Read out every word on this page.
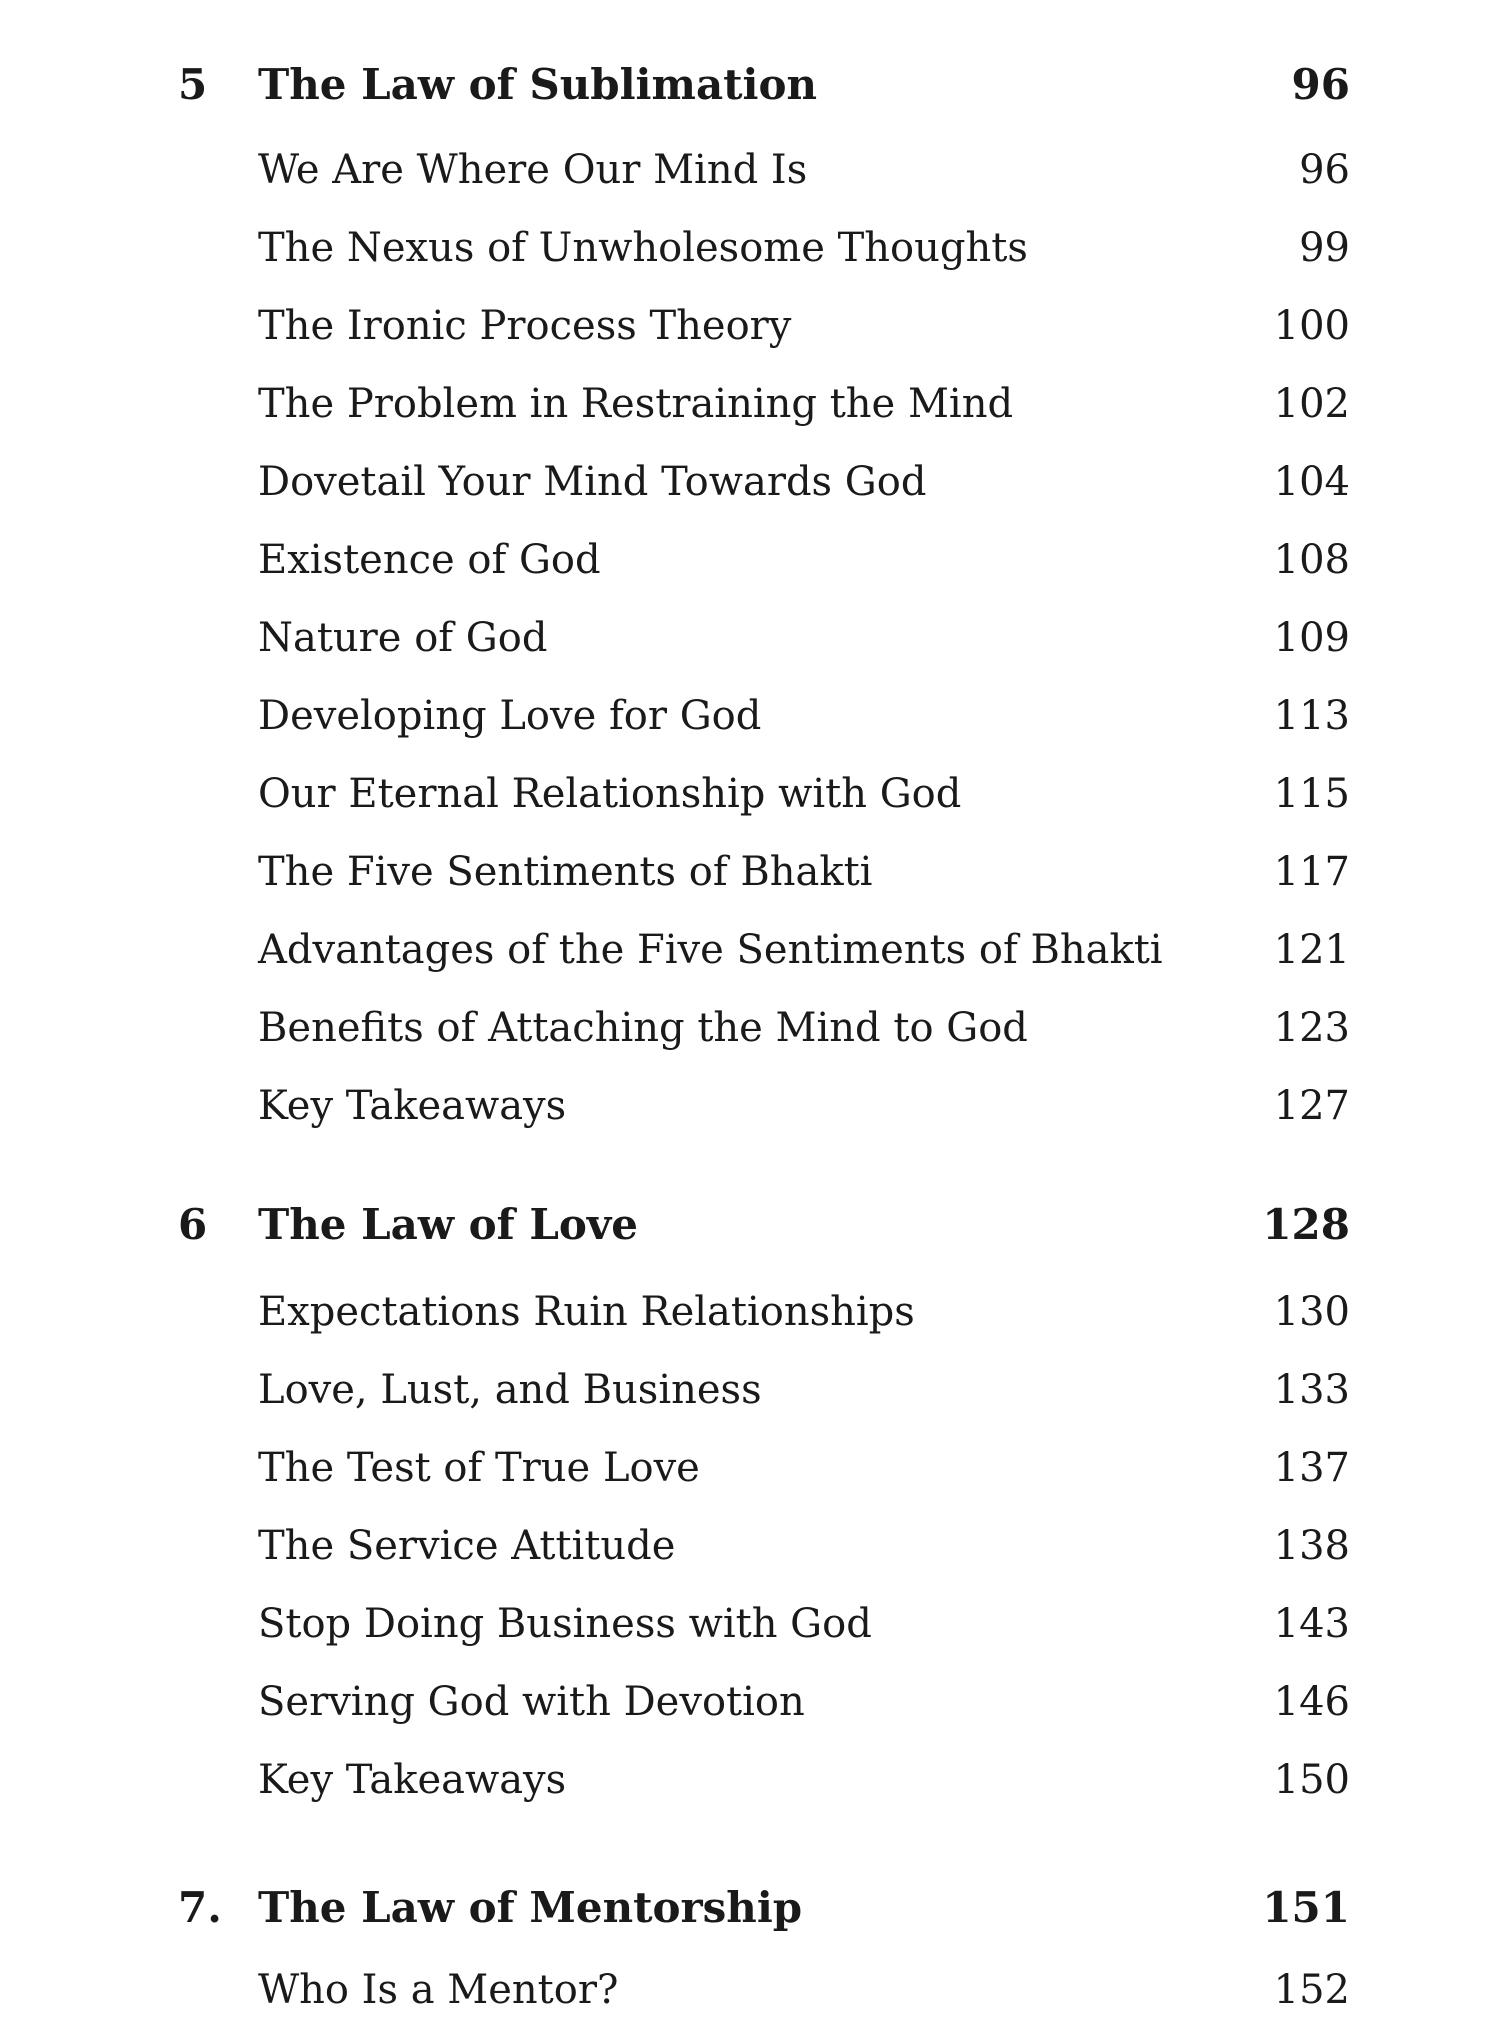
5 The Law of Sublimation	96
We Are Where Our Mind Is	96
The Nexus of Unwholesome Thoughts	99
The Ironic Process Theory	100
The Problem in Restraining the Mind	102
Dovetail Your Mind Towards God	104
Existence of God	108
Nature of God	109
Developing Love for God	113
Our Eternal Relationship with God	115
The Five Sentiments of Bhakti	117
Advantages of the Five Sentiments of Bhakti	121
Benefits of Attaching the Mind to God	123
Key Takeaways	127
6 The Law of Love	128
Expectations Ruin Relationships	130
Love, Lust, and Business	133
The Test of True Love	137
The Service Attitude	138
Stop Doing Business with God	143
Serving God with Devotion	146
Key Takeaways	150
7. The Law of Mentorship	151
Who Is a Mentor?	152
